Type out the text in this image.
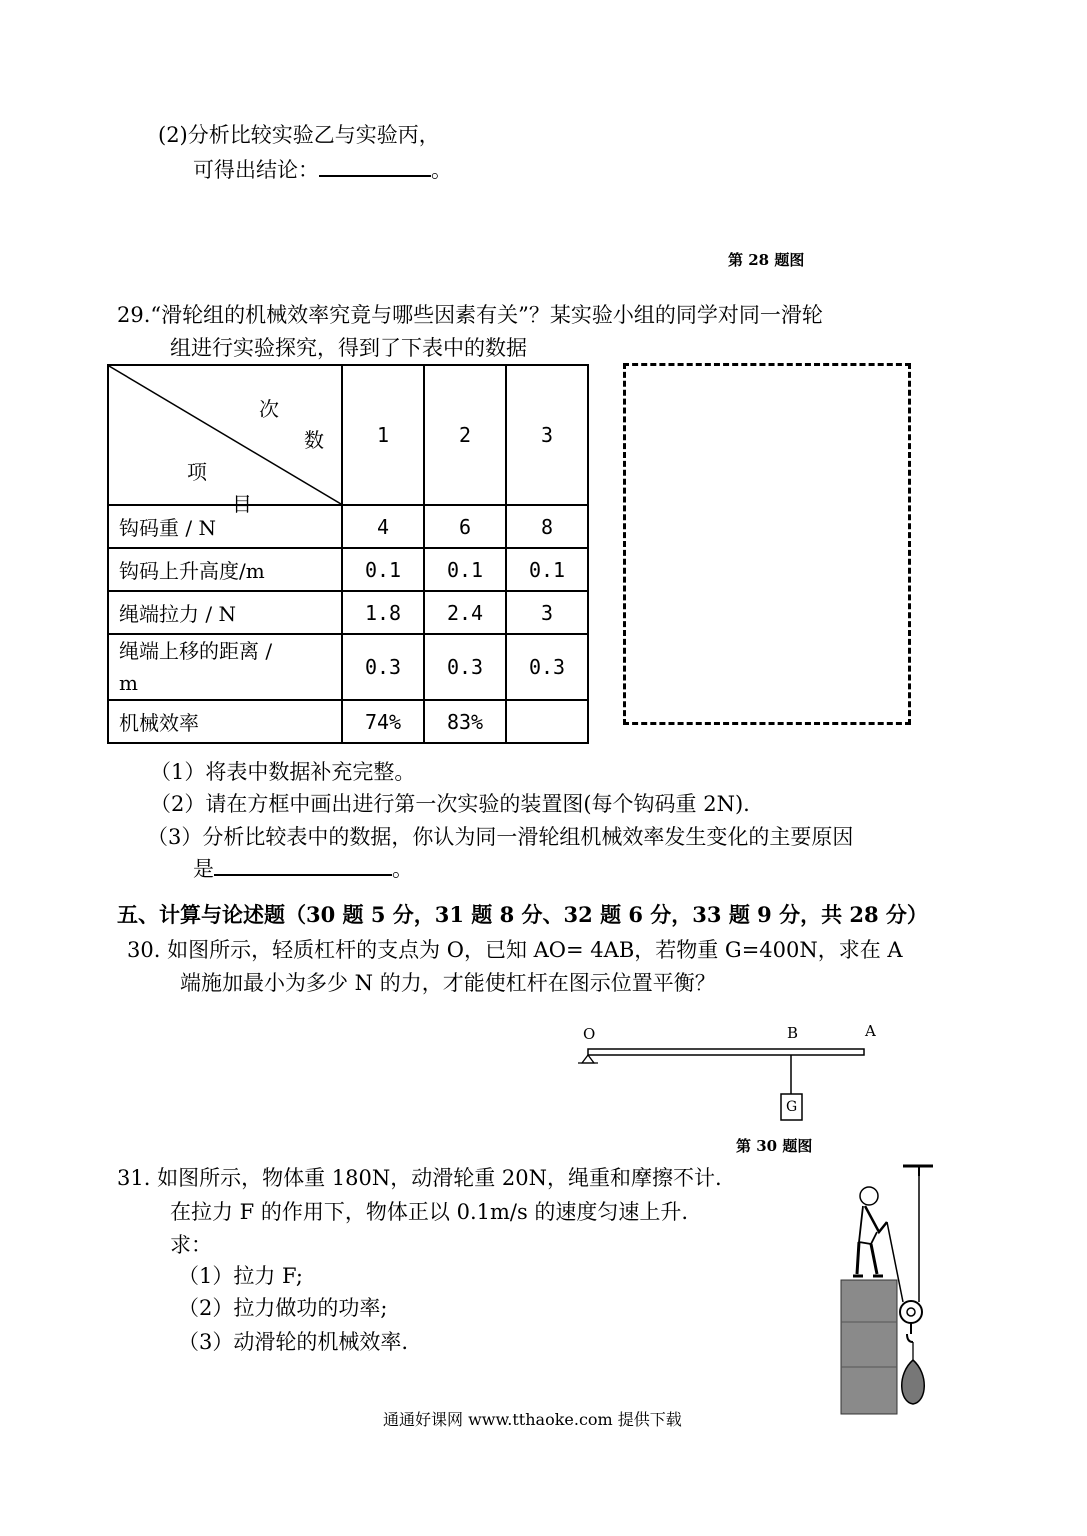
(2)分析比较实验乙与实验丙，
可得出结论：	。
第 28 题图
29.“滑轮组的机械效率究竟与哪些因素有关”？某实验小组的同学对同一滑轮
组进行实验探究，得到了下表中的数据
次
数
项
目	1	2	3
钩码重 / N	4	6	8
钩码上升高度/m	0.1	0.1	0.1
绳端拉力 / N	1.8	2.4	3

绳端上移的距离 /
m	0.3	0.3	0.3
机械效率	74%	83%	
（1）将表中数据补充完整。
（2）请在方框中画出进行第一次实验的装置图(每个钩码重 2N).
（3）分析比较表中的数据，你认为同一滑轮组机械效率发生变化的主要原因
是	。
五、计算与论述题（30 题 5 分，31 题 8 分、32 题 6 分，33 题 9 分，共 28 分）
30. 如图所示，轻质杠杆的支点为 O，已知 AO= 4AB，若物重 G=400N，求在 A
端施加最小为多少 N 的力，才能使杠杆在图示位置平衡？
O	B	A
G
第 30 题图
31. 如图所示，物体重 180N，动滑轮重 20N，绳重和摩擦不计.
在拉力 F 的作用下，物体正以 0.1m/s 的速度匀速上升.
求：
（1）拉力 F;
（2）拉力做功的功率;
（3）动滑轮的机械效率.
通通好课网 www.tthaoke.com 提供下载
